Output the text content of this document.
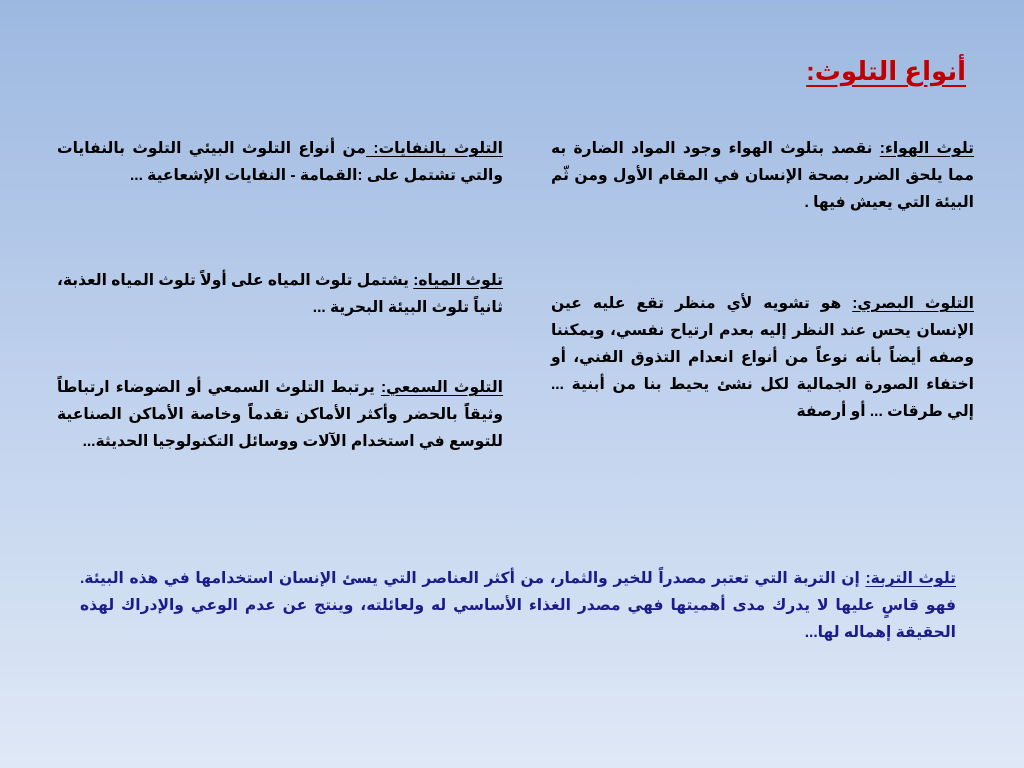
أنواع التلوث:

تلوث الهواء: نقصد بتلوث الهواء وجود المواد الضارة به مما يلحق الضرر بصحة الإنسان في المقام الأول ومن ثّم البيئة التي يعيش فيها .

التلوث البصري: هو تشويه لأي منظر تقع عليه عين الإنسان يحس عند النظر إليه بعدم ارتياح نفسي، ويمكننا وصفه أيضاًً بأنه نوعاًً من أنواع انعدام التذوق الفني، أو اختفاء الصورة الجمالية لكل نشئ يحيط بنا من أبنية ... إلي طرقات ... أو أرصفة

التلوث بالنفايات: من أنواع التلوث البيئي التلوث بالنفايات والتي تشتمل على :القمامة - النفايات الإشعاعية ...

تلوث المياه: يشتمل تلوث المياه على أولاً تلوث المياه العذبة، ثانياً تلوث البيئة البحرية ...

التلوث السمعي: يرتبط التلوث السمعي أو الضوضاء ارتباطاً وثيقاًً بالحضر وأكثر الأماكن تقدماًً وخاصة الأماكن الصناعية للتوسع في استخدام الآلات ووسائل التكنولوجيا الحديثة...

تلوث التربة: إن التربة التي تعتبر مصدراً للخير والثمار، من أكثر العناصر التي يسئ الإنسان استخدامها في هذه البيئة. فهو قاسٍ عليها لا يدرك مدى أهميتها فهي مصدر الغذاء الأساسي له ولعائلته، وينتج عن عدم الوعي والإدراك لهذه الحقيقة إهماله لها...
